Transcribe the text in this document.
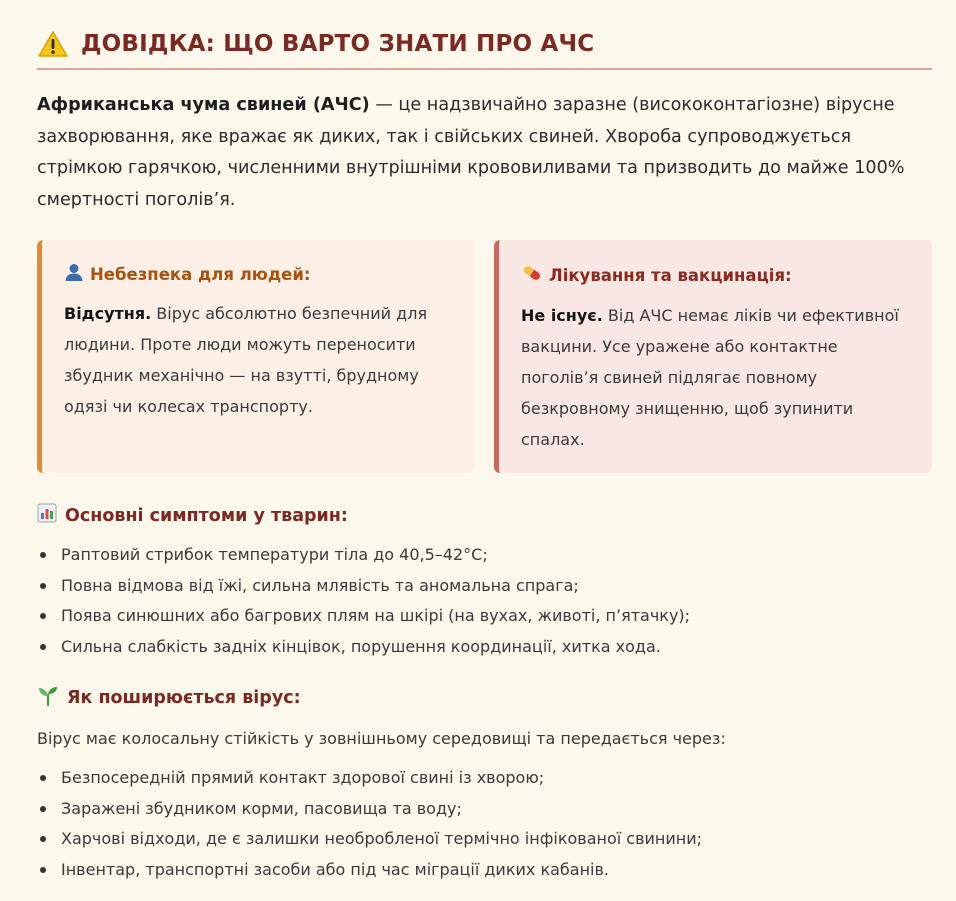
ДОВІДКА: ЩО ВАРТО ЗНАТИ ПРО АЧС

Африканська чума свиней (АЧС) — це надзвичайно заразне (висококонтагіозне) вірусне захворювання, яке вражає як диких, так і свійських свиней. Хвороба супроводжується стрімкою гарячкою, численними внутрішніми крововиливами та призводить до майже 100% смертності поголів’я.

Небезпека для людей:
Відсутня. Вірус абсолютно безпечний для людини. Проте люди можуть переносити збудник механічно — на взутті, брудному одязі чи колесах транспорту.
Лікування та вакцинація:
Не існує. Від АЧС немає ліків чи ефективної вакцини. Усе уражене або контактне поголів’я свиней підлягає повному безкровному знищенню, щоб зупинити спалах.
Основні симптоми у тварин:
Раптовий стрибок температури тіла до 40,5–42°C;
Повна відмова від їжі, сильна млявість та аномальна спрага;
Поява синюшних або багрових плям на шкірі (на вухах, животі, п’ятачку);
Сильна слабкість задніх кінцівок, порушення координації, хитка хода.
Як поширюється вірус:
Вірус має колосальну стійкість у зовнішньому середовищі та передається через:
Безпосередній прямий контакт здорової свині із хворою;
Заражені збудником корми, пасовища та воду;
Харчові відходи, де є залишки необробленої термічно інфікованої свинини;
Інвентар, транспортні засоби або під час міграції диких кабанів.
